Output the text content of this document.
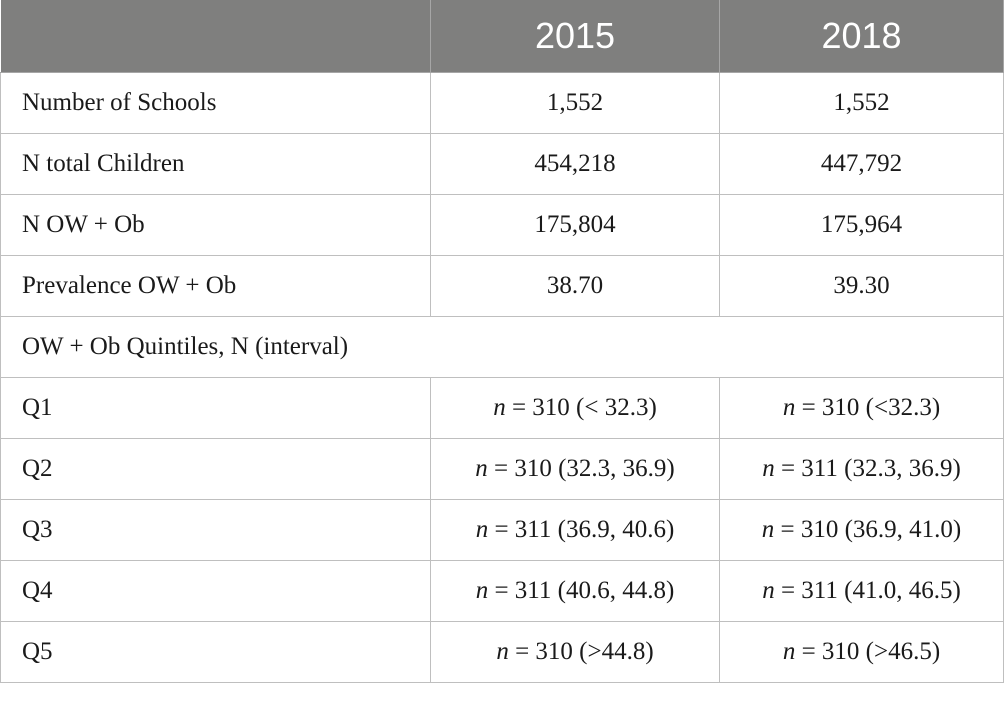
	2015	2018
Number of Schools	1,552	1,552
N total Children	454,218	447,792
N OW + Ob	175,804	175,964
Prevalence OW + Ob	38.70	39.30
OW + Ob Quintiles, N (interval)		
Q1	n = 310 (< 32.3)	n = 310 (<32.3)
Q2	n = 310 (32.3, 36.9)	n = 311 (32.3, 36.9)
Q3	n = 311 (36.9, 40.6)	n = 310 (36.9, 41.0)
Q4	n = 311 (40.6, 44.8)	n = 311 (41.0, 46.5)
Q5	n = 310 (>44.8)	n = 310 (>46.5)
